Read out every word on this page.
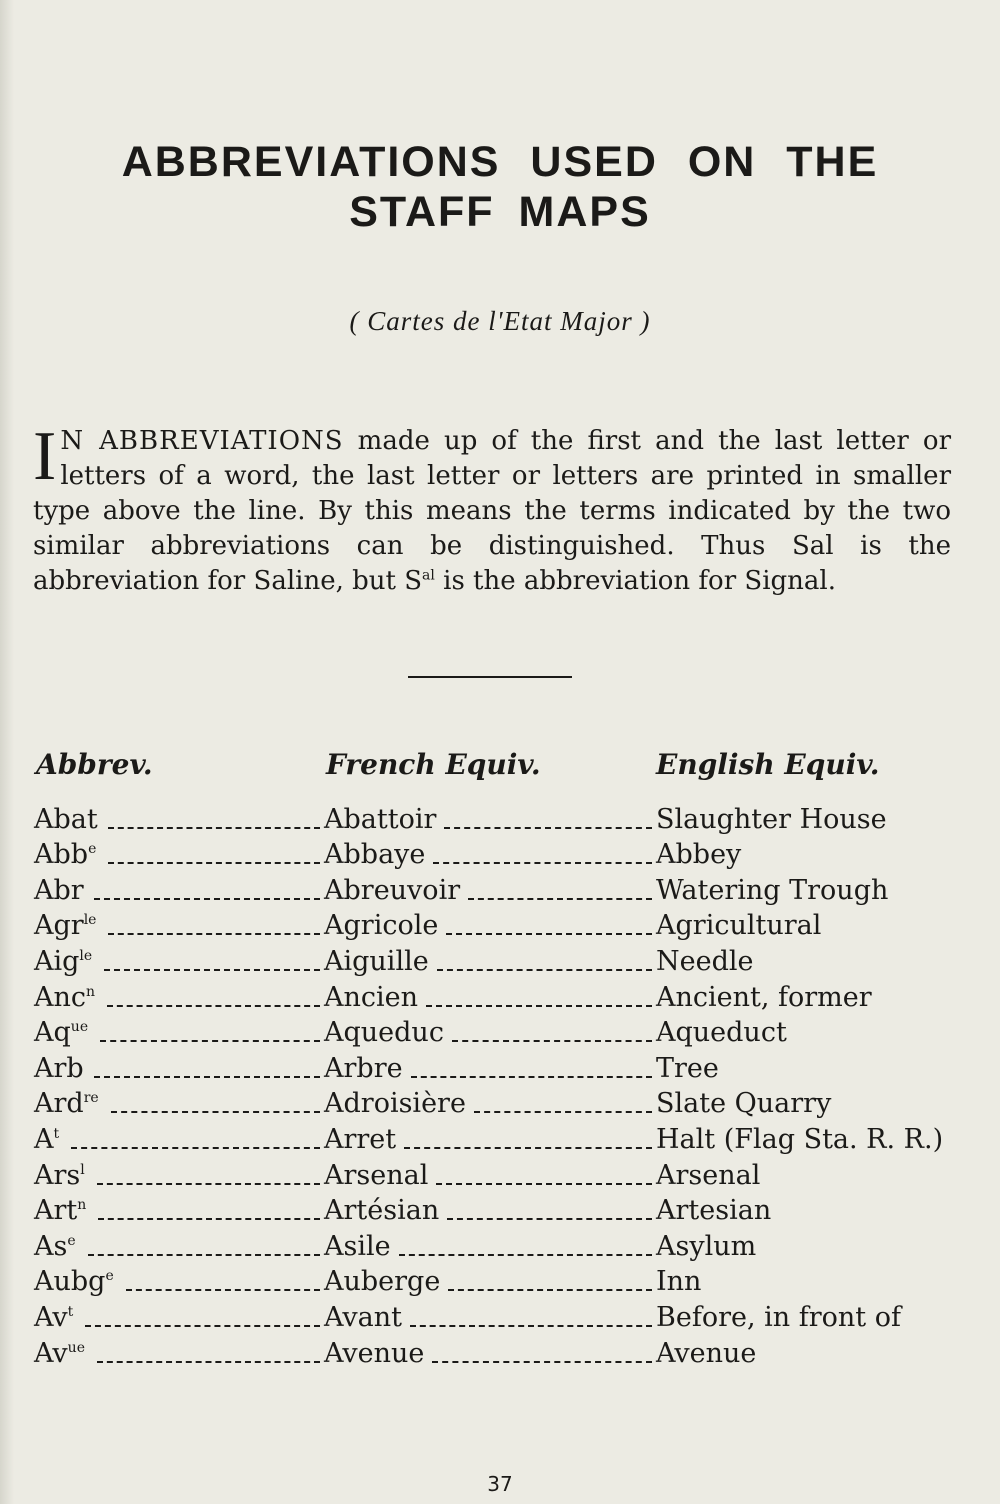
ABBREVIATIONS USED ON THE
STAFF MAPS

( Cartes de l'Etat Major )

I N ABBREVIATIONS made up of the first and the last letter or letters of a word, the last letter or letters are printed in smaller type above the line. By this means the terms indicated by the two similar abbreviations can be distinguished. Thus Sal is the abbreviation for Saline, but $S^{al}$ is the abbreviation for Signal.

Abbrev.	French Equiv.	English Equiv.
Abat	Abattoir	Slaughter House
Abb$^e$	Abbaye	Abbey
Abr	Abreuvoir	Watering Trough
Agr$^{le}$	Agricole	Agricultural
Aig$^{le}$	Aiguille	Needle
Anc$^n$	Ancien	Ancient, former
$Aq^{ue}$	Aqueduc	Aqueduct
Arb	Arbre	Tree
Ard$^{re}$	Adroisière	Slate Quarry
$A^t$	Arret	Halt (Flag Sta. R. R.)
Ars$^l$	Arsenal	Arsenal
Art$^n$	Artésian	Artesian
As$^e$	Asile	Asylum
Aubg$^e$	Auberge	Inn
Av$^t$	Avant	Before, in front of
$Av^{ue}$	Avenue	Avenue
37
